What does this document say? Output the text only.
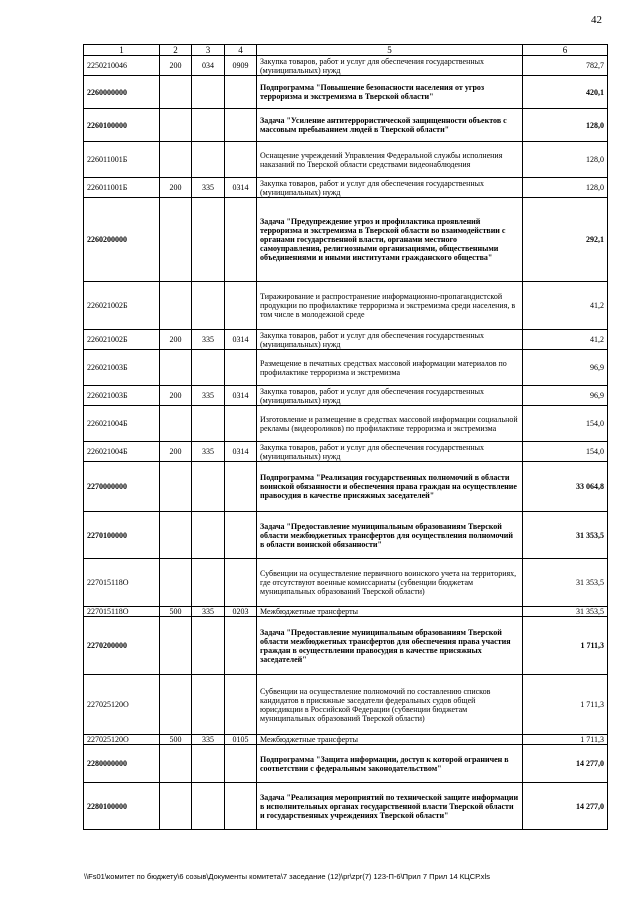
42
1	2	3	4	5	6
2250210046	200	034	0909	Закупка товаров, работ и услуг для обеспечения государственных (муниципальных) нужд	782,7
2260000000				Подпрограмма "Повышение безопасности населения от угроз терроризма и экстремизма в Тверской области"	420,1
2260100000				Задача "Усиление антитеррористической защищенности объектов с массовым пребыванием людей в Тверской области"	128,0
226011001Б				Оснащение учреждений Управления Федеральной службы исполнения наказаний по Тверской области средствами видеонаблюдения	128,0
226011001Б	200	335	0314	Закупка товаров, работ и услуг для обеспечения государственных (муниципальных) нужд	128,0
2260200000				Задача "Предупреждение угроз и профилактика проявлений терроризма и экстремизма в Тверской области во взаимодействии с органами государственной власти, органами местного самоуправления, религиозными организациями, общественными объединениями и иными институтами гражданского общества"	292,1
226021002Б				Тиражирование и распространение информационно-пропагандистской продукции по профилактике терроризма и экстремизма среди населения, в том числе в молодежной среде	41,2
226021002Б	200	335	0314	Закупка товаров, работ и услуг для обеспечения государственных (муниципальных) нужд	41,2
226021003Б				Размещение в печатных средствах массовой информации материалов по профилактике терроризма и экстремизма	96,9
226021003Б	200	335	0314	Закупка товаров, работ и услуг для обеспечения государственных (муниципальных) нужд	96,9
226021004Б				Изготовление и размещение в средствах массовой информации социальной рекламы (видеороликов) по профилактике терроризма и экстремизма	154,0
226021004Б	200	335	0314	Закупка товаров, работ и услуг для обеспечения государственных (муниципальных) нужд	154,0
2270000000				Подпрограмма "Реализация государственных полномочий в области воинской обязанности и обеспечения права граждан на осуществление правосудия в качестве присяжных заседателей"	33 064,8
2270100000				Задача "Предоставление муниципальным образованиям Тверской области межбюджетных трансфертов для осуществления полномочий в области воинской обязанности"	31 353,5
227015118О				Субвенции на осуществление первичного воинского учета на территориях, где отсутствуют военные комиссариаты (субвенции бюджетам муниципальных образований Тверской области)	31 353,5
227015118О	500	335	0203	Межбюджетные трансферты	31 353,5
2270200000				Задача "Предоставление муниципальным образованиям Тверской области межбюджетных трансфертов для обеспечения права участия граждан в осуществлении правосудия в качестве присяжных заседателей"	1 711,3
227025120О				Субвенции на осуществление полномочий по составлению списков кандидатов в присяжные заседатели федеральных судов общей юрисдикции в Российской Федерации (субвенции бюджетам муниципальных образований Тверской области)	1 711,3
227025120О	500	335	0105	Межбюджетные трансферты	1 711,3
2280000000				Подпрограмма "Защита информации, доступ к которой ограничен в соответствии с федеральным законодательством"	14 277,0
2280100000				Задача "Реализация мероприятий по технической защите информации в исполнительных органах государственной власти Тверской области и государственных учреждениях Тверской области"	14 277,0
\\Fs01\комитет по бюджету\6 созыв\Документы комитета\7 заседание (12)\pr\zpr(7) 123-П-6\Прил 7 Прил 14 КЦСР.xls
